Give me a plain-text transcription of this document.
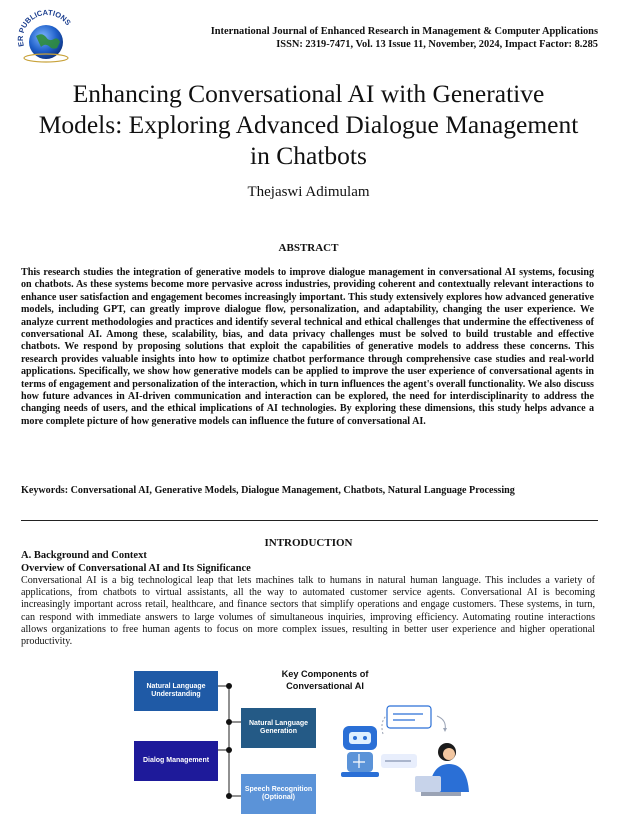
ER PUBLICATIONS
International Journal of Enhanced Research in Management & Computer Applications
ISSN: 2319-7471, Vol. 13 Issue 11, November, 2024, Impact Factor: 8.285
Enhancing Conversational AI with Generative Models: Exploring Advanced Dialogue Management in Chatbots
Thejaswi Adimulam
ABSTRACT

This research studies the integration of generative models to improve dialogue management in conversational AI systems, focusing on chatbots. As these systems become more pervasive across industries, providing coherent and contextually relevant interactions to enhance user satisfaction and engagement becomes increasingly important. This study extensively explores how advanced generative models, including GPT, can greatly improve dialogue flow, personalization, and adaptability, changing the user experience. We analyze current methodologies and practices and identify several technical and ethical challenges that undermine the effectiveness of conversational AI. Among these, scalability, bias, and data privacy challenges must be solved to build trustable and effective chatbots. We respond by proposing solutions that exploit the capabilities of generative models to address these concerns. This research provides valuable insights into how to optimize chatbot performance through comprehensive case studies and real-world applications. Specifically, we show how generative models can be applied to improve the user experience of conversational agents in terms of engagement and personalization of the interaction, which in turn influences the agent's overall functionality. We also discuss how future advances in AI-driven communication and interaction can be explored, the need for interdisciplinarity to address the changing needs of users, and the ethical implications of AI technologies. By exploring these dimensions, this study helps advance a more complete picture of how generative models can influence the future of conversational AI.

Keywords: Conversational AI, Generative Models, Dialogue Management, Chatbots, Natural Language Processing
INTRODUCTION
A. Background and Context
Overview of Conversational AI and Its Significance

Conversational AI is a big technological leap that lets machines talk to humans in natural human language. This includes a variety of applications, from chatbots to virtual assistants, all the way to automated customer service agents. Conversational AI is becoming increasingly important across retail, healthcare, and finance sectors that simplify operations and engage customers. These systems, in turn, can respond with immediate answers to large volumes of simultaneous inquiries, improving efficiency. Automating routine interactions allows organizations to free human agents to focus on more complex issues, resulting in better user experience and higher operational productivity.

Key Components of Conversational AI
Natural Language Understanding
Natural Language Generation
Dialog Management
Speech Recognition (Optional)
